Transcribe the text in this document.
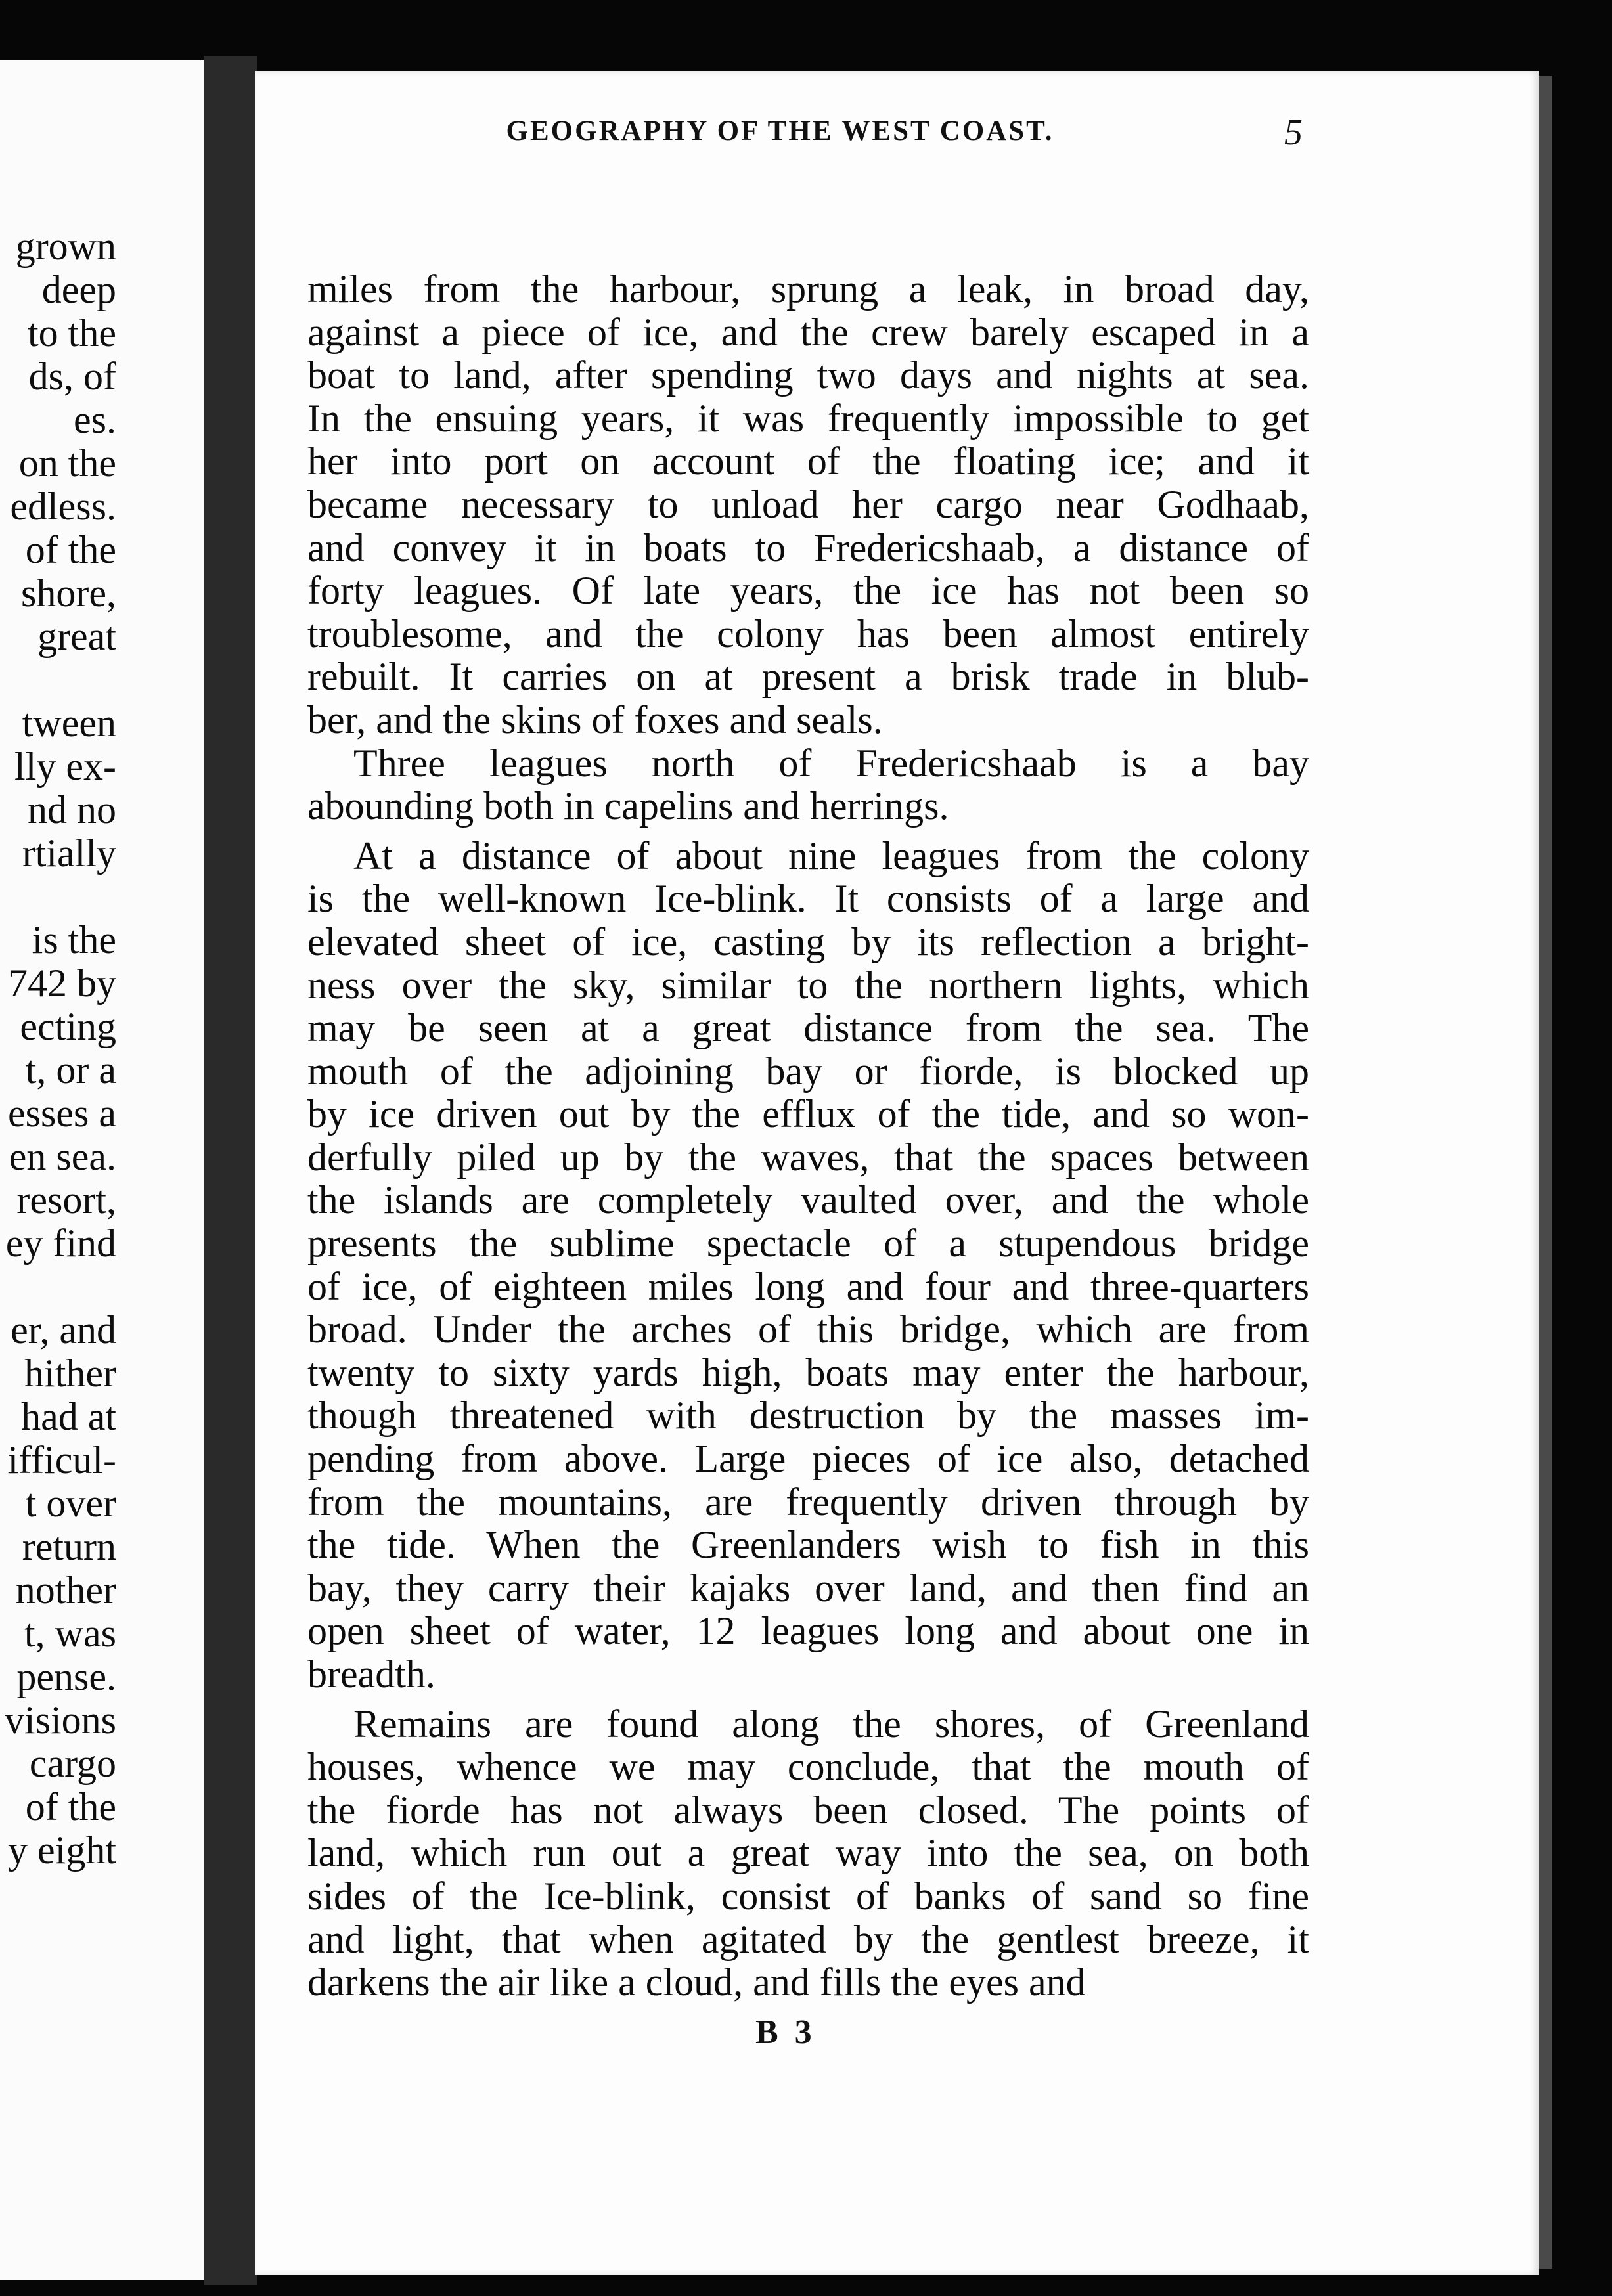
grown
deep
to the
ds, of
es.
on the
edless.
of the
shore,
great
tween
lly ex-
nd no
rtially
is the
742 by
ecting
t, or a
esses a
en sea.
resort,
ey find
er, and
hither
had at
ifficul-
t over
return
nother
t, was
pense.
visions
cargo
of the
y eight
GEOGRAPHY OF THE WEST COAST.	5
miles from the harbour, sprung a leak, in broad day,
against a piece of ice, and the crew barely escaped in a
boat to land, after spending two days and nights at sea.
In the ensuing years, it was frequently impossible to get
her into port on account of the floating ice; and it
became necessary to unload her cargo near Godhaab,
and convey it in boats to Fredericshaab, a distance of
forty leagues. Of late years, the ice has not been so
troublesome, and the colony has been almost entirely
rebuilt. It carries on at present a brisk trade in blub-
ber, and the skins of foxes and seals.
Three leagues north of Fredericshaab is a bay
abounding both in capelins and herrings.
At a distance of about nine leagues from the colony
is the well-known Ice-blink. It consists of a large and
elevated sheet of ice, casting by its reflection a bright-
ness over the sky, similar to the northern lights, which
may be seen at a great distance from the sea. The
mouth of the adjoining bay or fiorde, is blocked up
by ice driven out by the efflux of the tide, and so won-
derfully piled up by the waves, that the spaces between
the islands are completely vaulted over, and the whole
presents the sublime spectacle of a stupendous bridge
of ice, of eighteen miles long and four and three-quarters
broad. Under the arches of this bridge, which are from
twenty to sixty yards high, boats may enter the harbour,
though threatened with destruction by the masses im-
pending from above. Large pieces of ice also, detached
from the mountains, are frequently driven through by
the tide. When the Greenlanders wish to fish in this
bay, they carry their kajaks over land, and then find an
open sheet of water, 12 leagues long and about one in
breadth.
Remains are found along the shores, of Greenland
houses, whence we may conclude, that the mouth of
the fiorde has not always been closed. The points of
land, which run out a great way into the sea, on both
sides of the Ice-blink, consist of banks of sand so fine
and light, that when agitated by the gentlest breeze, it
darkens the air like a cloud, and fills the eyes and
B 3
